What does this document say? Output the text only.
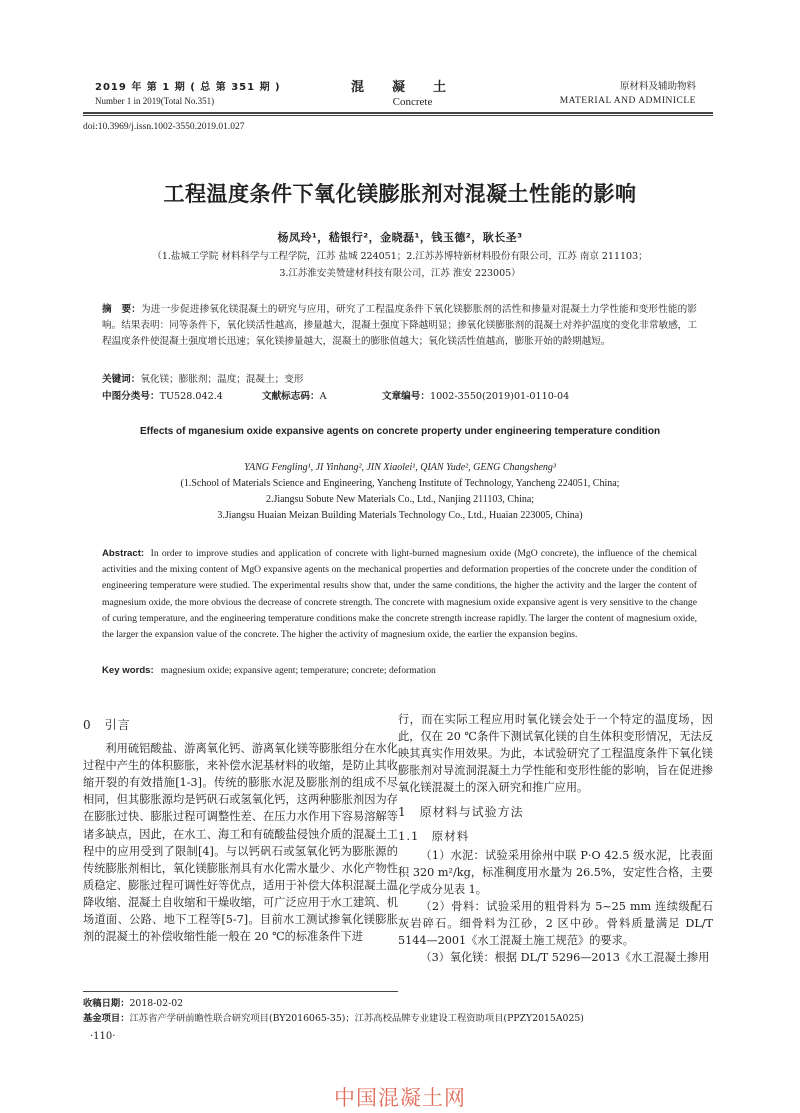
2019 年 第 1 期 ( 总 第 351 期 )
Number 1 in 2019(Total No.351)
混凝土
Concrete
原材料及辅助物料
MATERIAL AND ADMINICLE
doi:10.3969/j.issn.1002-3550.2019.01.027
工程温度条件下氧化镁膨胀剂对混凝土性能的影响
杨凤玲¹，嵇银行²，金晓磊¹，钱玉德²，耿长圣³
（1.盐城工学院 材料科学与工程学院，江苏 盐城 224051；2.江苏苏博特新材料股份有限公司，江苏 南京 211103；
3.江苏淮安美赞建材科技有限公司，江苏 淮安 223005）
摘　要：为进一步促进掺氧化镁混凝土的研究与应用，研究了工程温度条件下氧化镁膨胀剂的活性和掺量对混凝土力学性能和变形性能的影响。结果表明：同等条件下，氧化镁活性越高，掺量越大，混凝土强度下降越明显；掺氧化镁膨胀剂的混凝土对养护温度的变化非常敏感，工程温度条件使混凝土强度增长迅速；氧化镁掺量越大，混凝土的膨胀值越大；氧化镁活性值越高，膨胀开始的龄期越短。
关键词：氧化镁；膨胀剂；温度；混凝土；变形
中图分类号：TU528.042.4	文献标志码：A	文章编号：1002-3550(2019)01-0110-04
Effects of mganesium oxide expansive agents on concrete property under engineering temperature condition
YANG Fengling¹, JI Yinhang², JIN Xiaolei¹, QIAN Yude², GENG Changsheng³
(1.School of Materials Science and Engineering, Yancheng Institute of Technology, Yancheng 224051, China;
2.Jiangsu Sobute New Materials Co., Ltd., Nanjing 211103, China;
3.Jiangsu Huaian Meizan Building Materials Technology Co., Ltd., Huaian 223005, China)
Abstract: In order to improve studies and application of concrete with light-burned magnesium oxide (MgO concrete), the influence of the chemical activities and the mixing content of MgO expansive agents on the mechanical properties and deformation properties of the concrete under the condition of engineering temperature were studied. The experimental results show that, under the same conditions, the higher the activity and the larger the content of magnesium oxide, the more obvious the decrease of concrete strength. The concrete with magnesium oxide expansive agent is very sensitive to the change of curing temperature, and the engineering temperature conditions make the concrete strength increase rapidly. The larger the content of magnesium oxide, the larger the expansion value of the concrete. The higher the activity of magnesium oxide, the earlier the expansion begins.
Key words: magnesium oxide; expansive agent; temperature; concrete; deformation
0　引言

利用硫铝酸盐、游离氧化钙、游离氧化镁等膨胀组分在水化过程中产生的体积膨胀，来补偿水泥基材料的收缩，是防止其收缩开裂的有效措施[1-3]。传统的膨胀水泥及膨胀剂的组成不尽相同，但其膨胀源均是钙矾石或氢氧化钙，这两种膨胀剂因为存在膨胀过快、膨胀过程可调整性差、在压力水作用下容易溶解等诸多缺点，因此，在水工、海工和有硫酸盐侵蚀介质的混凝土工程中的应用受到了限制[4]。与以钙矾石或氢氧化钙为膨胀源的传统膨胀剂相比，氧化镁膨胀剂具有水化需水量少、水化产物性质稳定、膨胀过程可调性好等优点，适用于补偿大体积混凝土温降收缩、混凝土自收缩和干燥收缩，可广泛应用于水工建筑、机场道面、公路、地下工程等[5-7]。目前水工测试掺氧化镁膨胀剂的混凝土的补偿收缩性能一般在 20 ℃的标准条件下进

行，而在实际工程应用时氧化镁会处于一个特定的温度场，因此，仅在 20 ℃条件下测试氧化镁的自生体积变形情况，无法反映其真实作用效果。为此，本试验研究了工程温度条件下氧化镁膨胀剂对导流洞混凝土力学性能和变形性能的影响，旨在促进掺氧化镁混凝土的深入研究和推广应用。

1　原材料与试验方法
1.1　原材料

（1）水泥：试验采用徐州中联 P·O 42.5 级水泥，比表面积 320 m²/kg，标准稠度用水量为 26.5%，安定性合格，主要化学成分见表 1。

（2）骨料：试验采用的粗骨料为 5~25 mm 连续级配石灰岩碎石。细骨料为江砂，2 区中砂。骨料质量满足 DL/T 5144—2001《水工混凝土施工规范》的要求。

（3）氧化镁：根据 DL/T 5296—2013《水工混凝土掺用

收稿日期：2018-02-02
基金项目：江苏省产学研前瞻性联合研究项目(BY2016065-35)；江苏高校品牌专业建设工程资助项目(PPZY2015A025)
·110·
中国混凝土网
